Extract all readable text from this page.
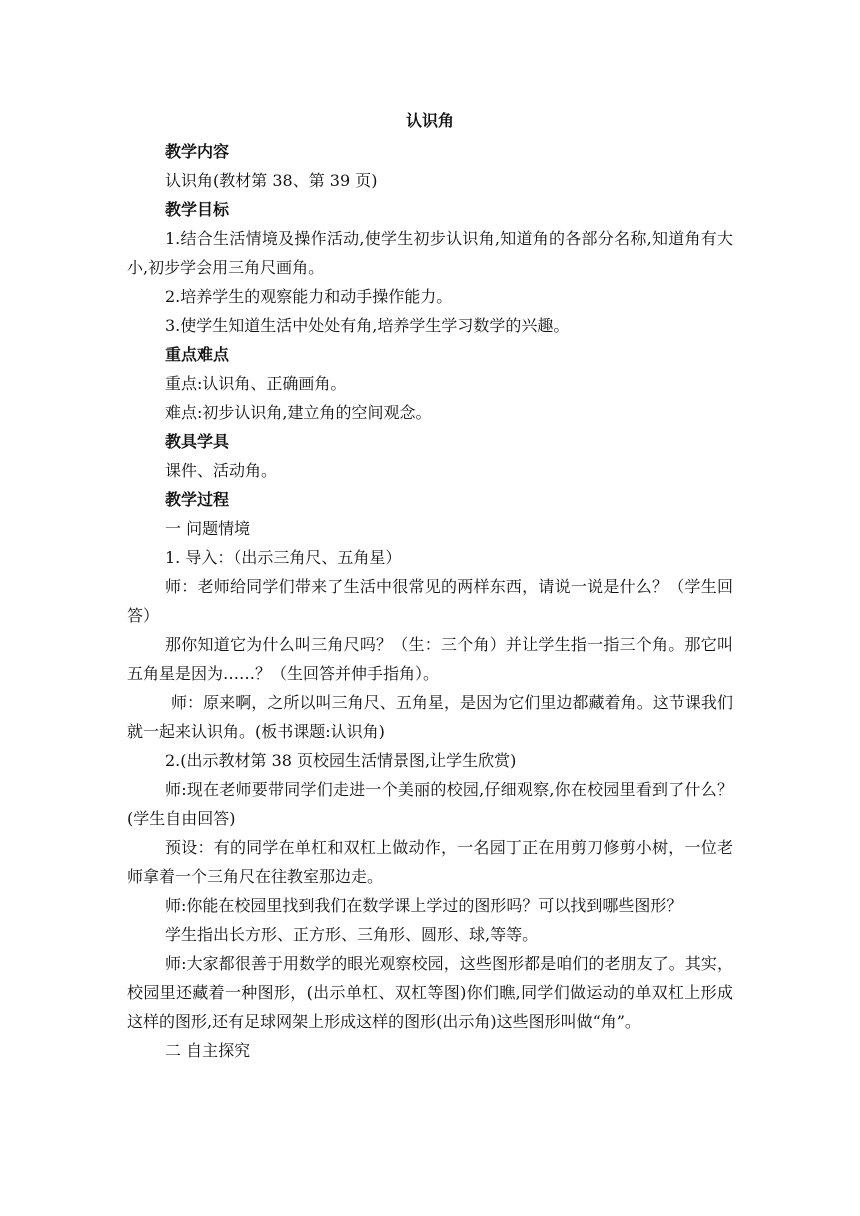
认识角

教学内容

认识角(教材第 38、第 39 页)

教学目标

1.结合生活情境及操作活动,使学生初步认识角,知道角的各部分名称,知道角有大小,初步学会用三角尺画角。

2.培养学生的观察能力和动手操作能力。

3.使学生知道生活中处处有角,培养学生学习数学的兴趣。

重点难点

重点:认识角、正确画角。

难点:初步认识角,建立角的空间观念。

教具学具

课件、活动角。

教学过程

一 问题情境

1. 导入：（出示三角尺、五角星）

师：老师给同学们带来了生活中很常见的两样东西，请说一说是什么？（学生回答）

那你知道它为什么叫三角尺吗？（生：三个角）并让学生指一指三个角。那它叫五角星是因为……？（生回答并伸手指角）。

师：原来啊，之所以叫三角尺、五角星，是因为它们里边都藏着角。这节课我们就一起来认识角。(板书课题:认识角)

2.(出示教材第 38 页校园生活情景图,让学生欣赏)

师:现在老师要带同学们走进一个美丽的校园,仔细观察,你在校园里看到了什么？(学生自由回答)

预设：有的同学在单杠和双杠上做动作，一名园丁正在用剪刀修剪小树，一位老师拿着一个三角尺在往教室那边走。

师:你能在校园里找到我们在数学课上学过的图形吗？可以找到哪些图形？

学生指出长方形、正方形、三角形、圆形、球,等等。

师:大家都很善于用数学的眼光观察校园，这些图形都是咱们的老朋友了。其实，校园里还藏着一种图形，(出示单杠、双杠等图)你们瞧,同学们做运动的单双杠上形成这样的图形,还有足球网架上形成这样的图形(出示角)这些图形叫做“角”。

二 自主探究
